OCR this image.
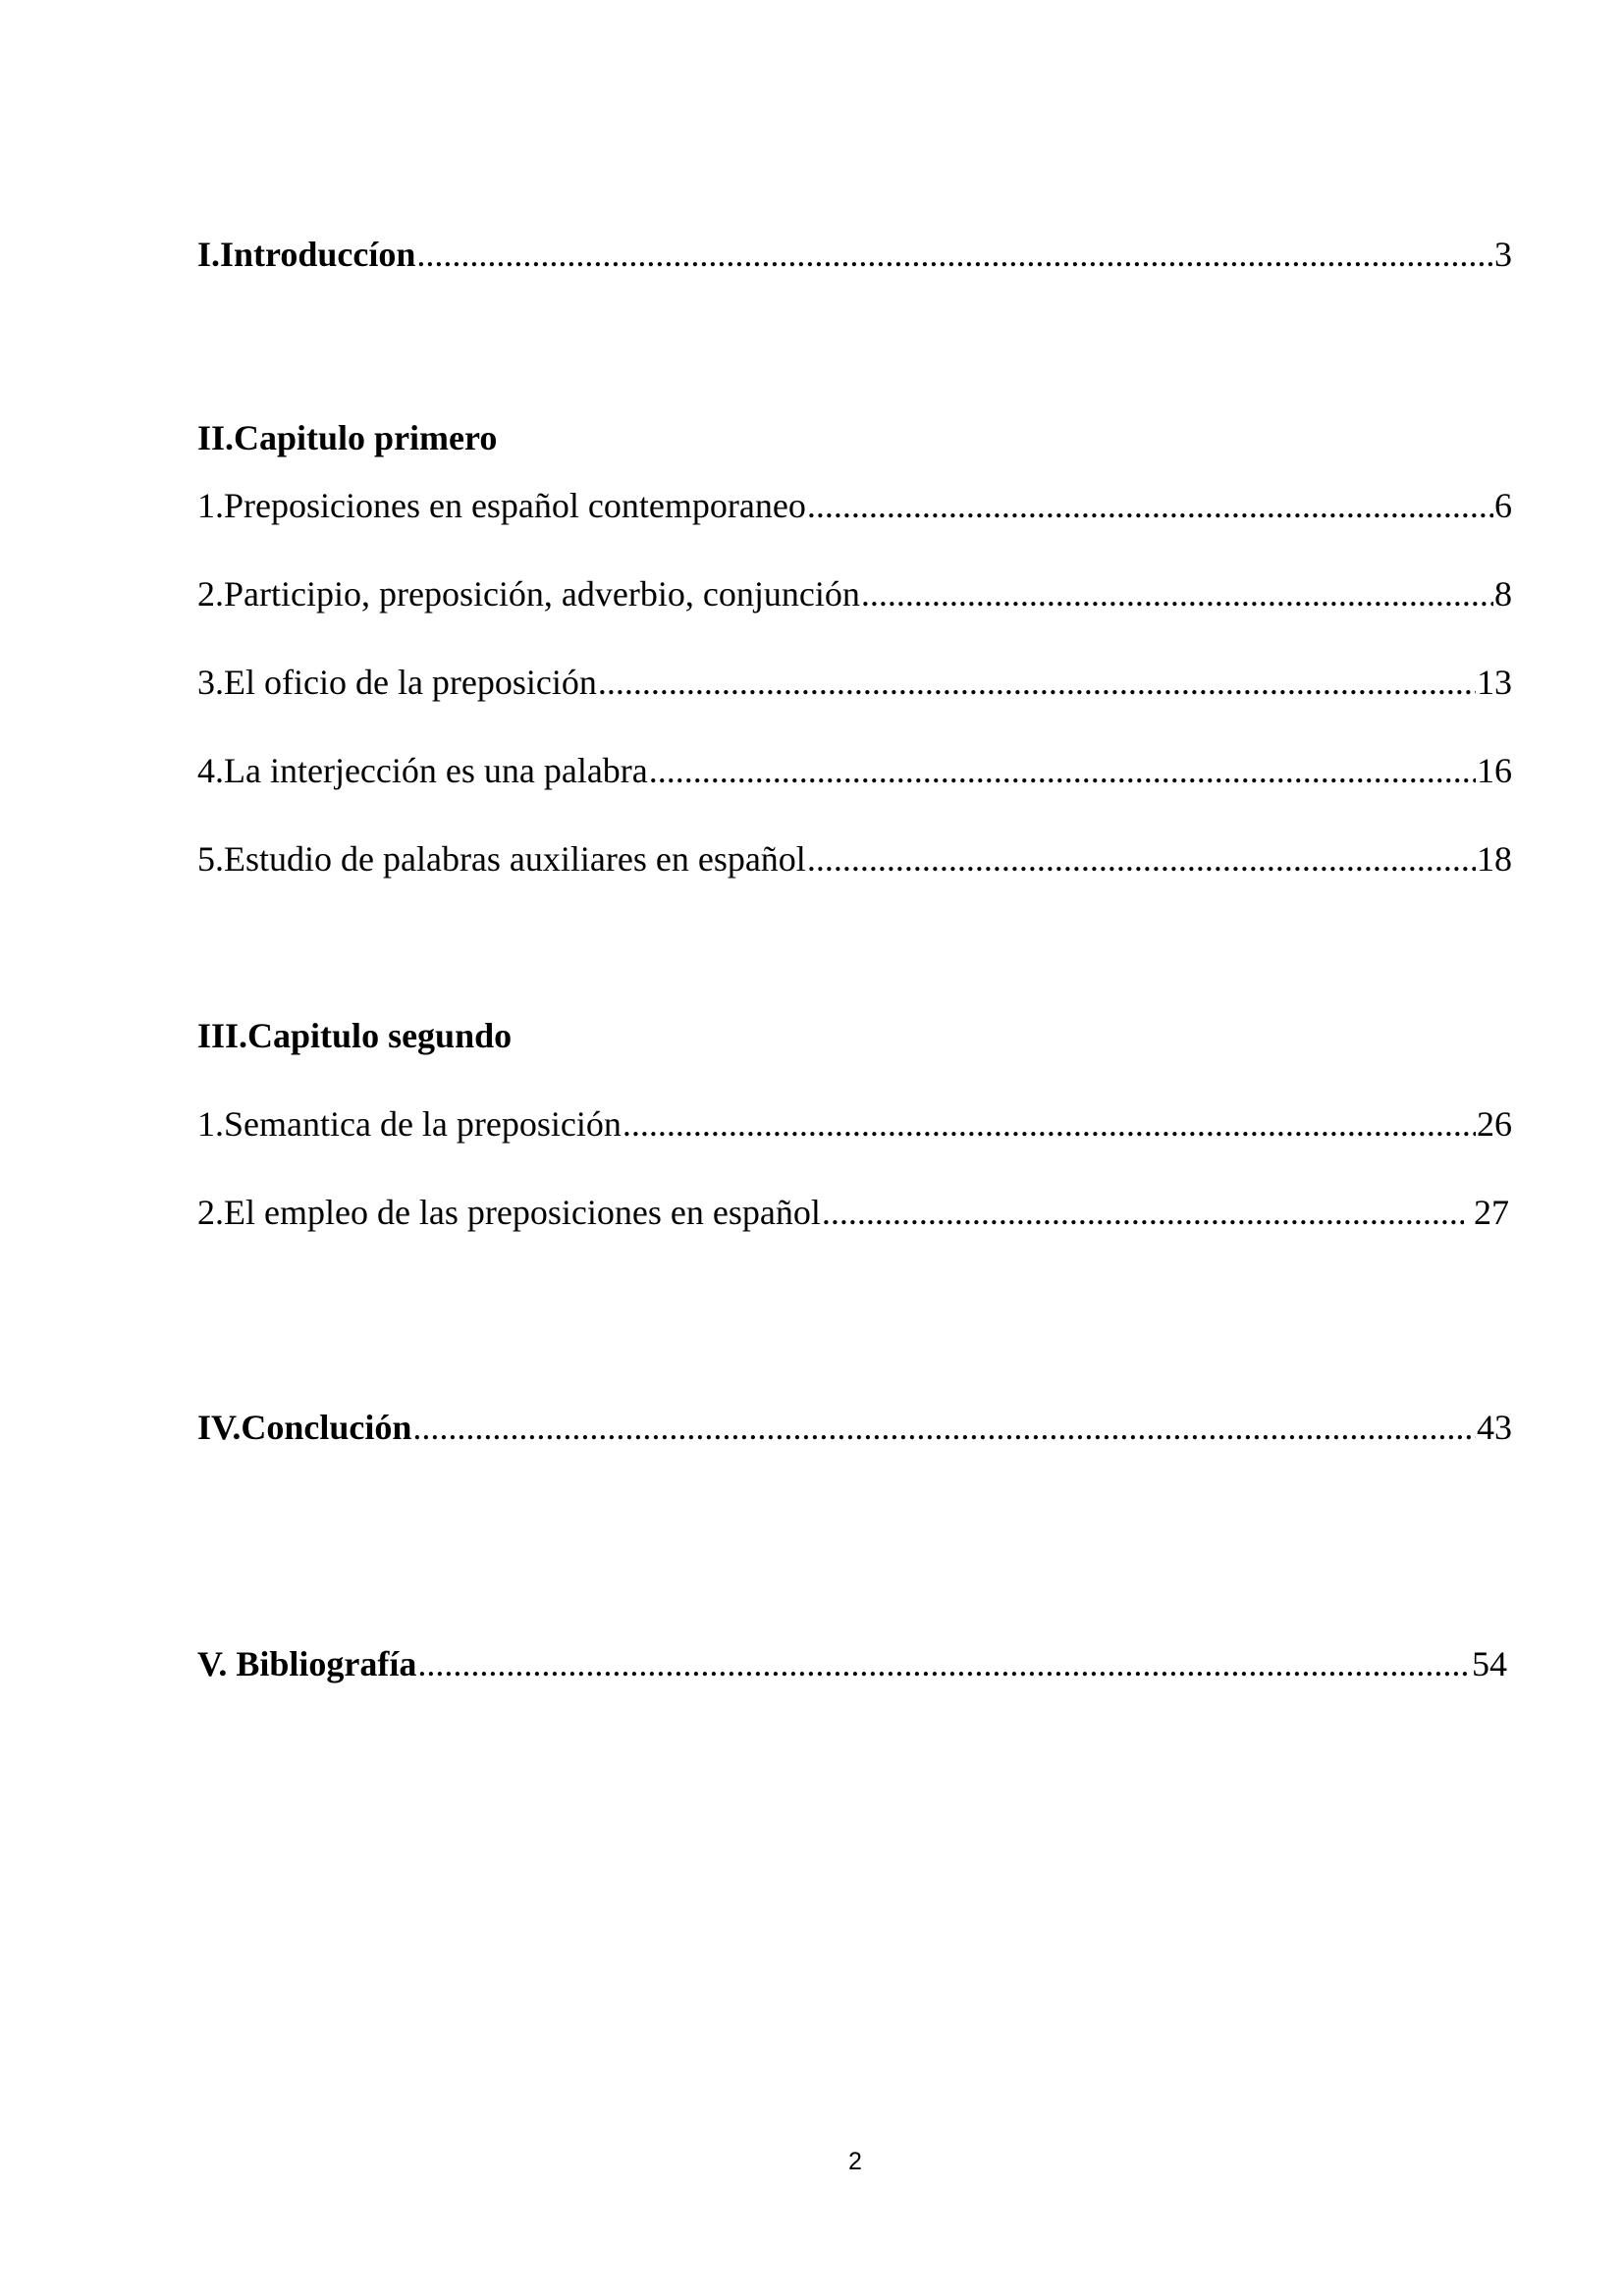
I.Introduccíon .....	3
II.Capitulo primero
1.Preposiciones en español contemporaneo .....	6
2.Participio, preposición, adverbio, conjunción .....	8
3.El oficio de la preposición .....	13
4.La interjección es una palabra .....	16
5.Estudio de palabras auxiliares en español .....	18
III.Capitulo segundo
1.Semantica de la preposición .....	26
2.El empleo de las preposiciones en español .....	27
IV.Conclución .....	43
V. Bibliografía .....	54
2
